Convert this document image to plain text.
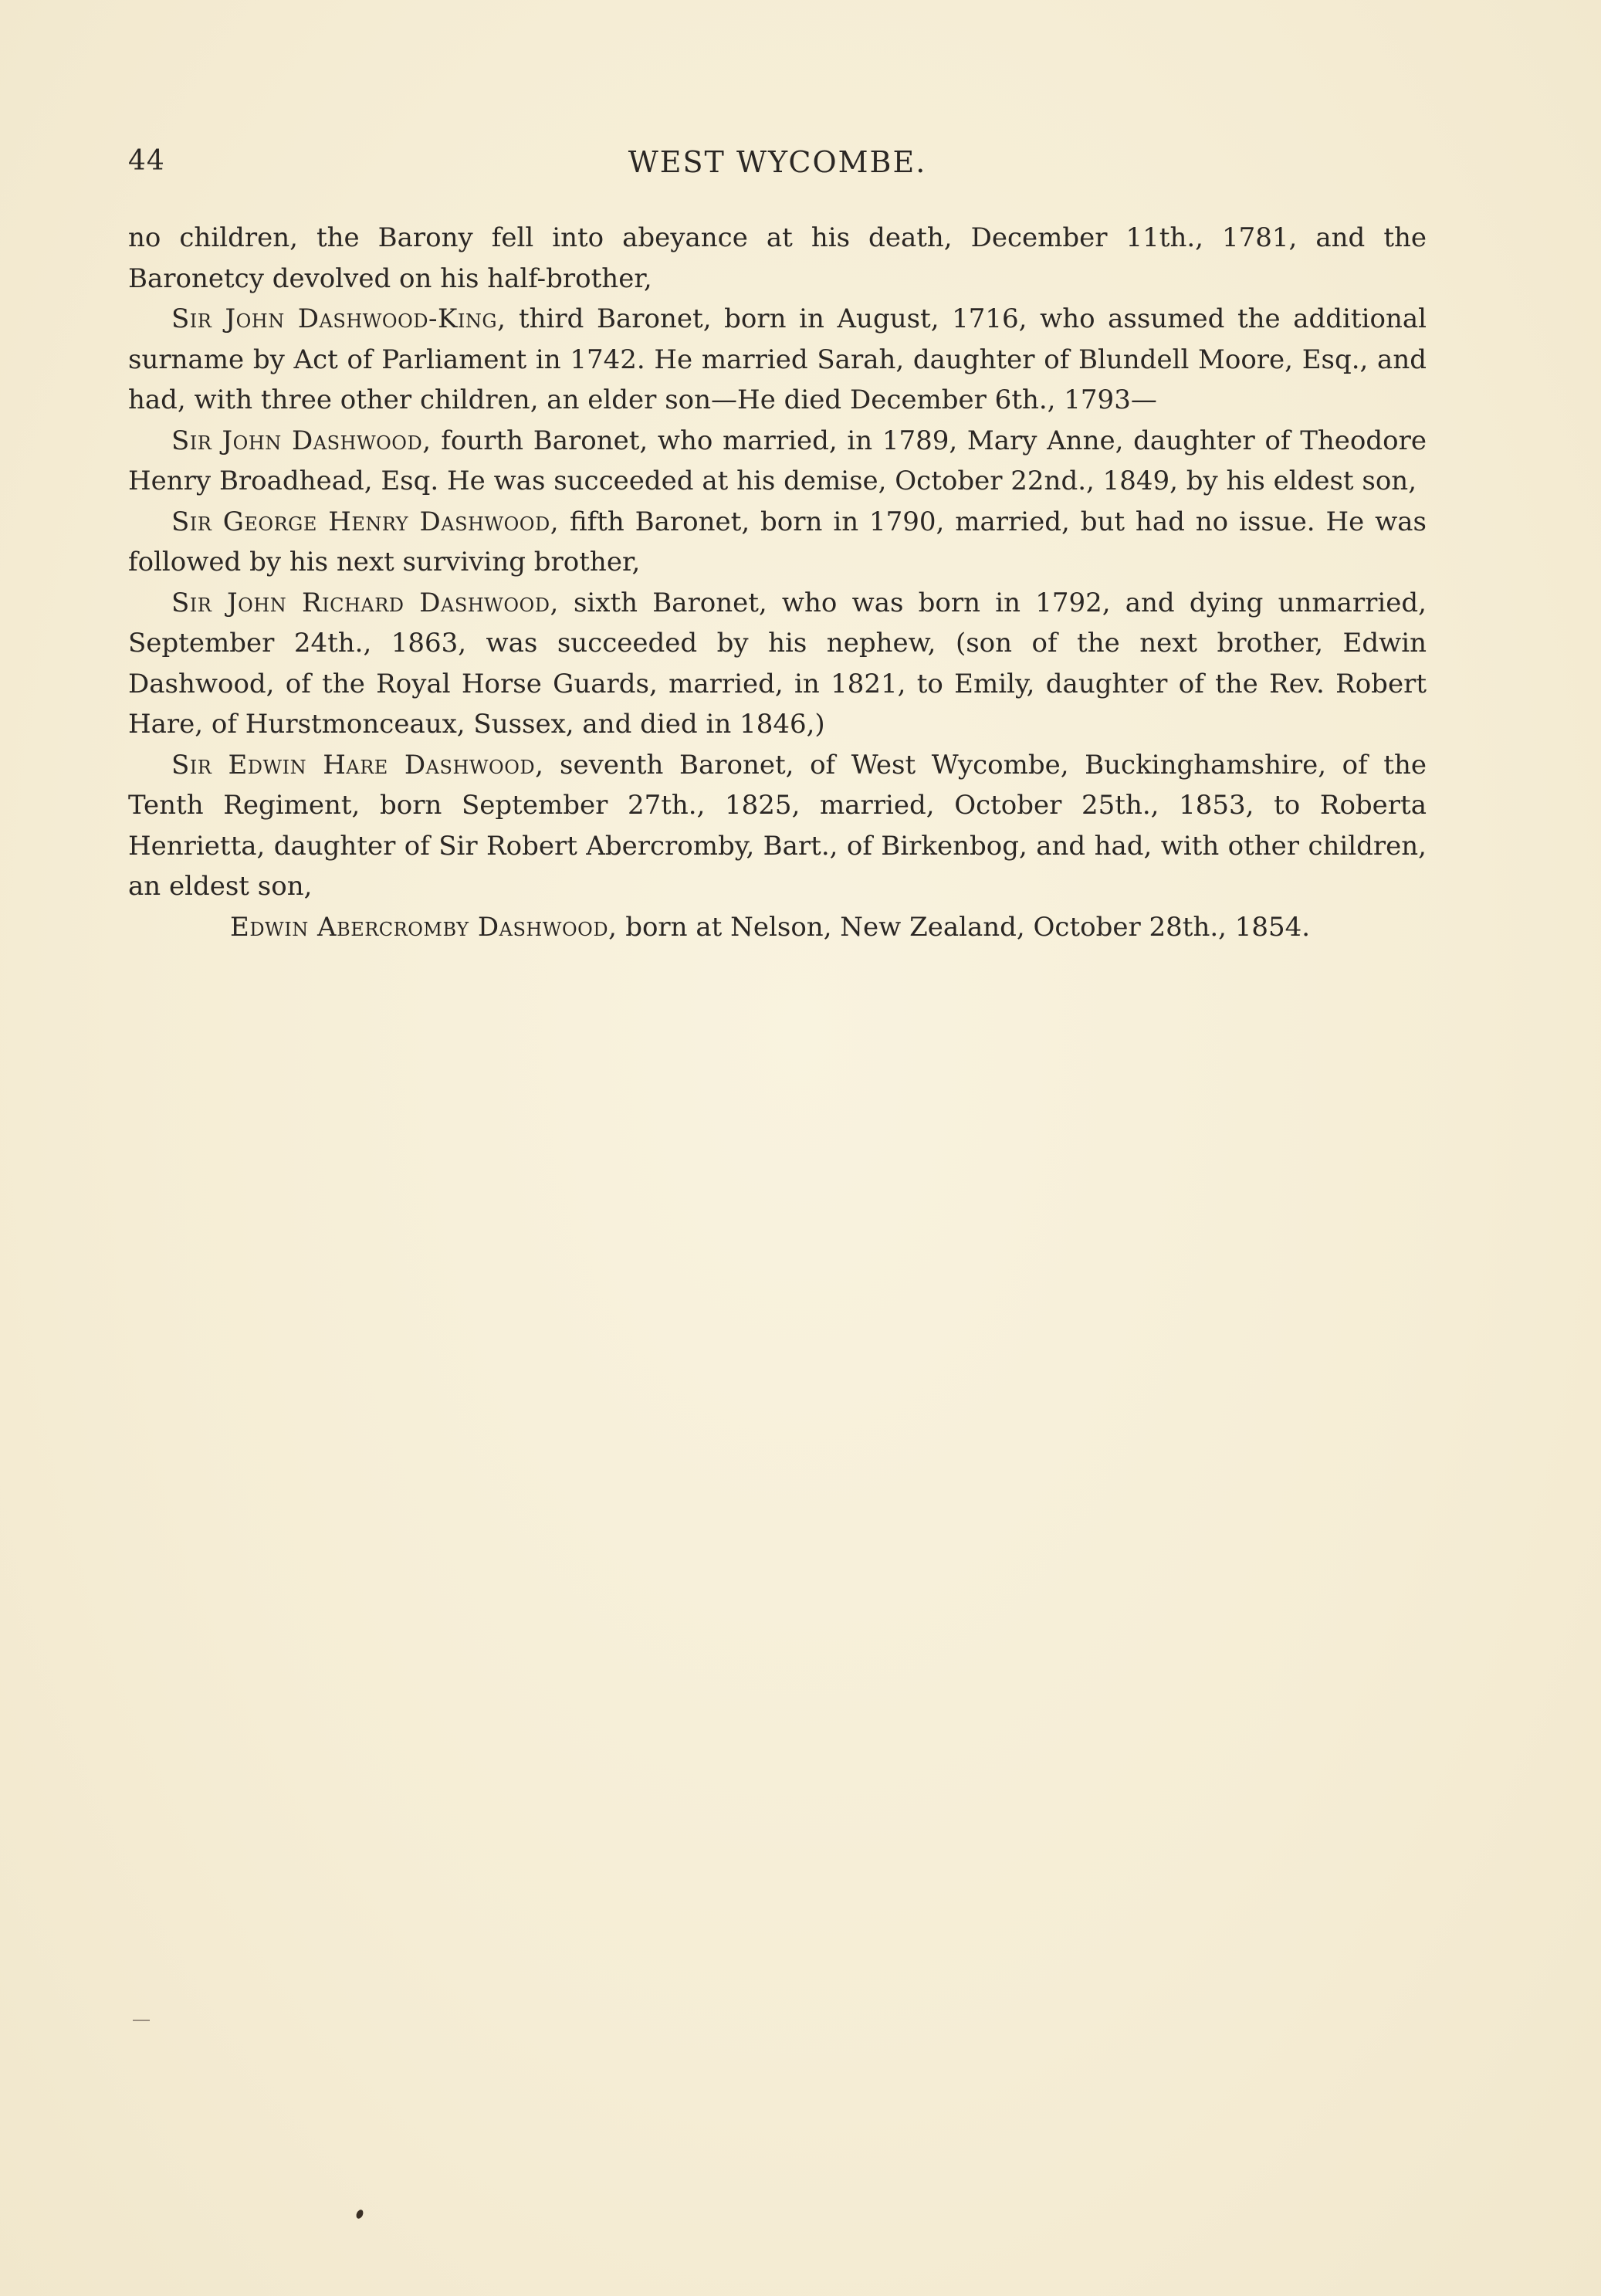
44	WEST WYCOMBE.

no children, the Barony fell into abeyance at his death, December 11th., 1781, and the Baronetcy devolved on his half-brother,

Sir John Dashwood-King, third Baronet, born in August, 1716, who assumed the additional surname by Act of Parliament in 1742. He married Sarah, daughter of Blundell Moore, Esq., and had, with three other children, an elder son—He died December 6th., 1793—

Sir John Dashwood, fourth Baronet, who married, in 1789, Mary Anne, daughter of Theodore Henry Broadhead, Esq. He was succeeded at his demise, October 22nd., 1849, by his eldest son,

Sir George Henry Dashwood, fifth Baronet, born in 1790, married, but had no issue. He was followed by his next surviving brother,

Sir John Richard Dashwood, sixth Baronet, who was born in 1792, and dying unmarried, September 24th., 1863, was succeeded by his nephew, (son of the next brother, Edwin Dashwood, of the Royal Horse Guards, married, in 1821, to Emily, daughter of the Rev. Robert Hare, of Hurstmonceaux, Sussex, and died in 1846,)

Sir Edwin Hare Dashwood, seventh Baronet, of West Wycombe, Buckinghamshire, of the Tenth Regiment, born September 27th., 1825, married, October 25th., 1853, to Roberta Henrietta, daughter of Sir Robert Abercromby, Bart., of Birkenbog, and had, with other children, an eldest son,

Edwin Abercromby Dashwood, born at Nelson, New Zealand, October 28th., 1854.
